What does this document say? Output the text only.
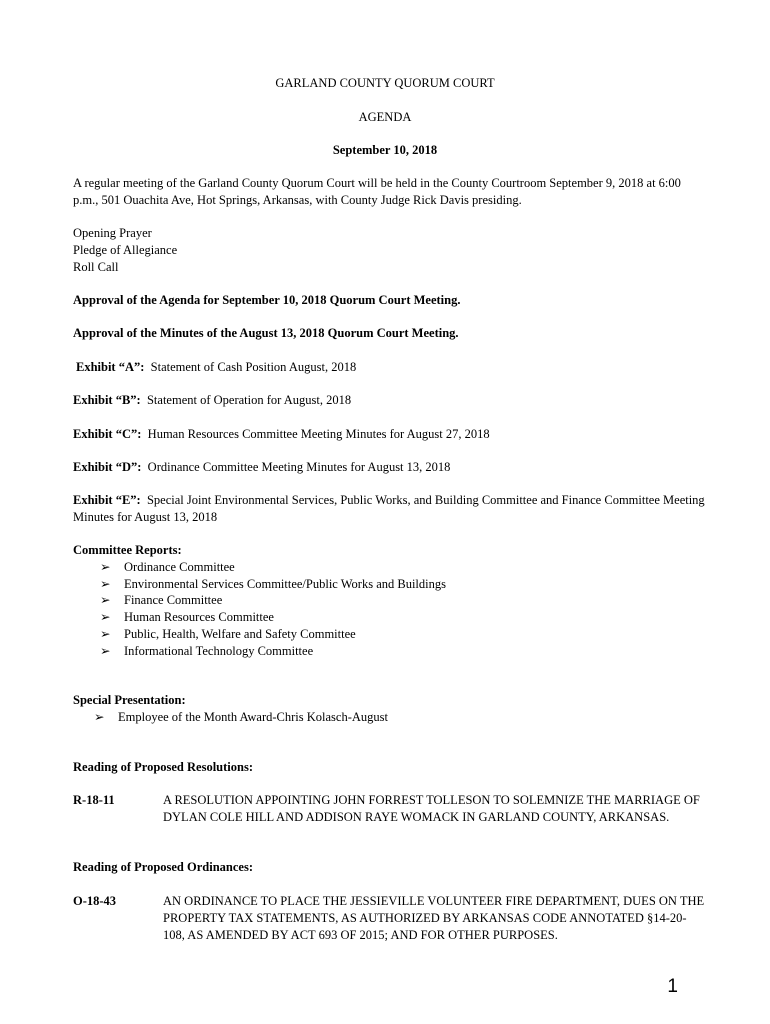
GARLAND COUNTY QUORUM COURT
AGENDA
September 10, 2018
A regular meeting of the Garland County Quorum Court will be held in the County Courtroom September 9, 2018 at 6:00 p.m., 501 Ouachita Ave, Hot Springs, Arkansas, with County Judge Rick Davis presiding.
Opening Prayer
Pledge of Allegiance
Roll Call
Approval of the Agenda for September 10, 2018 Quorum Court Meeting.
Approval of the Minutes of the August 13, 2018 Quorum Court Meeting.
Exhibit “A”: Statement of Cash Position August, 2018
Exhibit “B”: Statement of Operation for August, 2018
Exhibit “C”: Human Resources Committee Meeting Minutes for August 27, 2018
Exhibit “D”: Ordinance Committee Meeting Minutes for August 13, 2018
Exhibit “E”: Special Joint Environmental Services, Public Works, and Building Committee and Finance Committee Meeting Minutes for August 13, 2018
Committee Reports:
➢ Ordinance Committee
➢ Environmental Services Committee/Public Works and Buildings
➢ Finance Committee
➢ Human Resources Committee
➢ Public, Health, Welfare and Safety Committee
➢ Informational Technology Committee
Special Presentation:
➢ Employee of the Month Award-Chris Kolasch-August
Reading of Proposed Resolutions:
R-18-11	A RESOLUTION APPOINTING JOHN FORREST TOLLESON TO SOLEMNIZE THE MARRIAGE OF DYLAN COLE HILL AND ADDISON RAYE WOMACK IN GARLAND COUNTY, ARKANSAS.
Reading of Proposed Ordinances:
O-18-43	AN ORDINANCE TO PLACE THE JESSIEVILLE VOLUNTEER FIRE DEPARTMENT, DUES ON THE PROPERTY TAX STATEMENTS, AS AUTHORIZED BY ARKANSAS CODE ANNOTATED §14-20-108, AS AMENDED BY ACT 693 OF 2015; AND FOR OTHER PURPOSES.
1
